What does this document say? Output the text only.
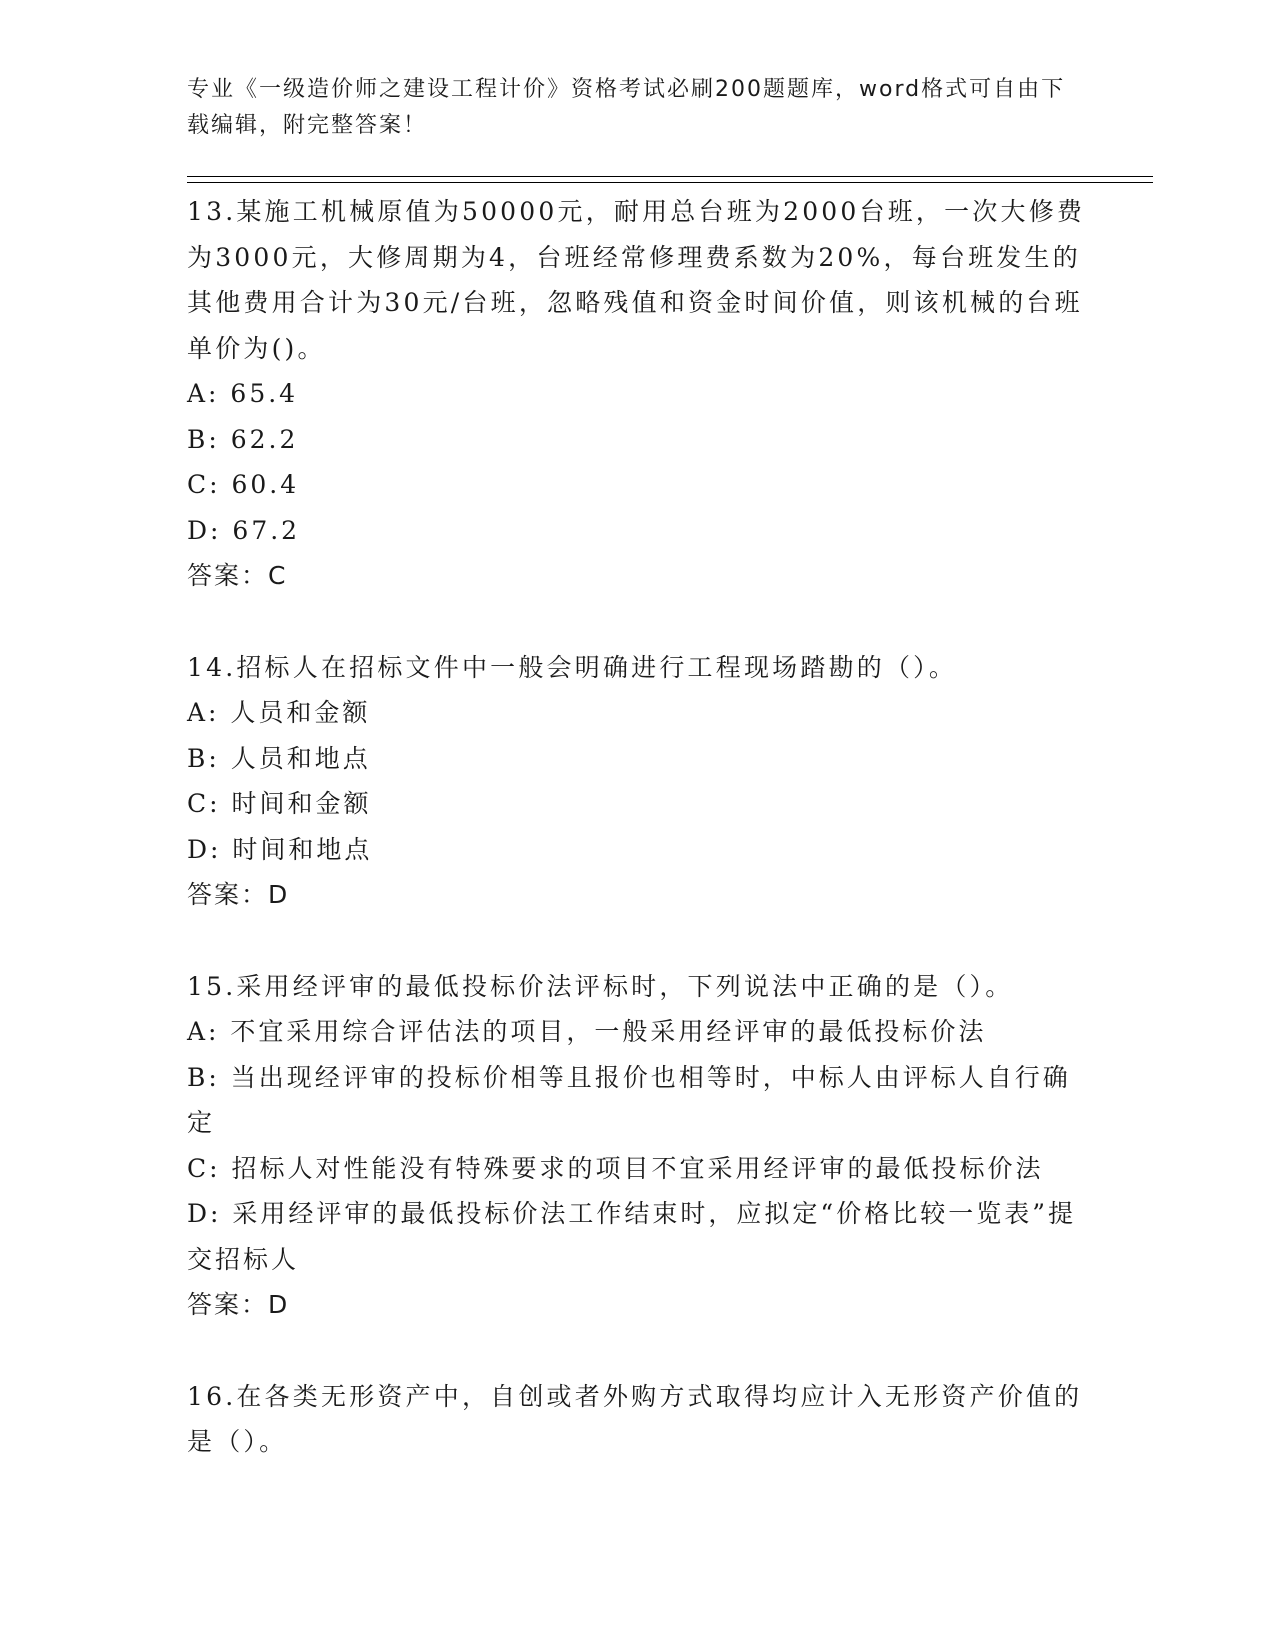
专业《一级造价师之建设工程计价》资格考试必刷200题题库，word格式可自由下载编辑，附完整答案！
13.某施工机械原值为50000元，耐用总台班为2000台班，一次大修费为3000元，大修周期为4，台班经常修理费系数为20%，每台班发生的其他费用合计为30元/台班，忽略残值和资金时间价值，则该机械的台班单价为()。
A: 65.4
B: 62.2
C: 60.4
D: 67.2
答案：C
14.招标人在招标文件中一般会明确进行工程现场踏勘的（）。
A: 人员和金额
B: 人员和地点
C: 时间和金额
D: 时间和地点
答案：D
15.采用经评审的最低投标价法评标时，下列说法中正确的是（）。
A: 不宜采用综合评估法的项目，一般采用经评审的最低投标价法
B: 当出现经评审的投标价相等且报价也相等时，中标人由评标人自行确定
C: 招标人对性能没有特殊要求的项目不宜采用经评审的最低投标价法
D: 采用经评审的最低投标价法工作结束时，应拟定“价格比较一览表”提交招标人
答案：D
16.在各类无形资产中，自创或者外购方式取得均应计入无形资产价值的是（）。
